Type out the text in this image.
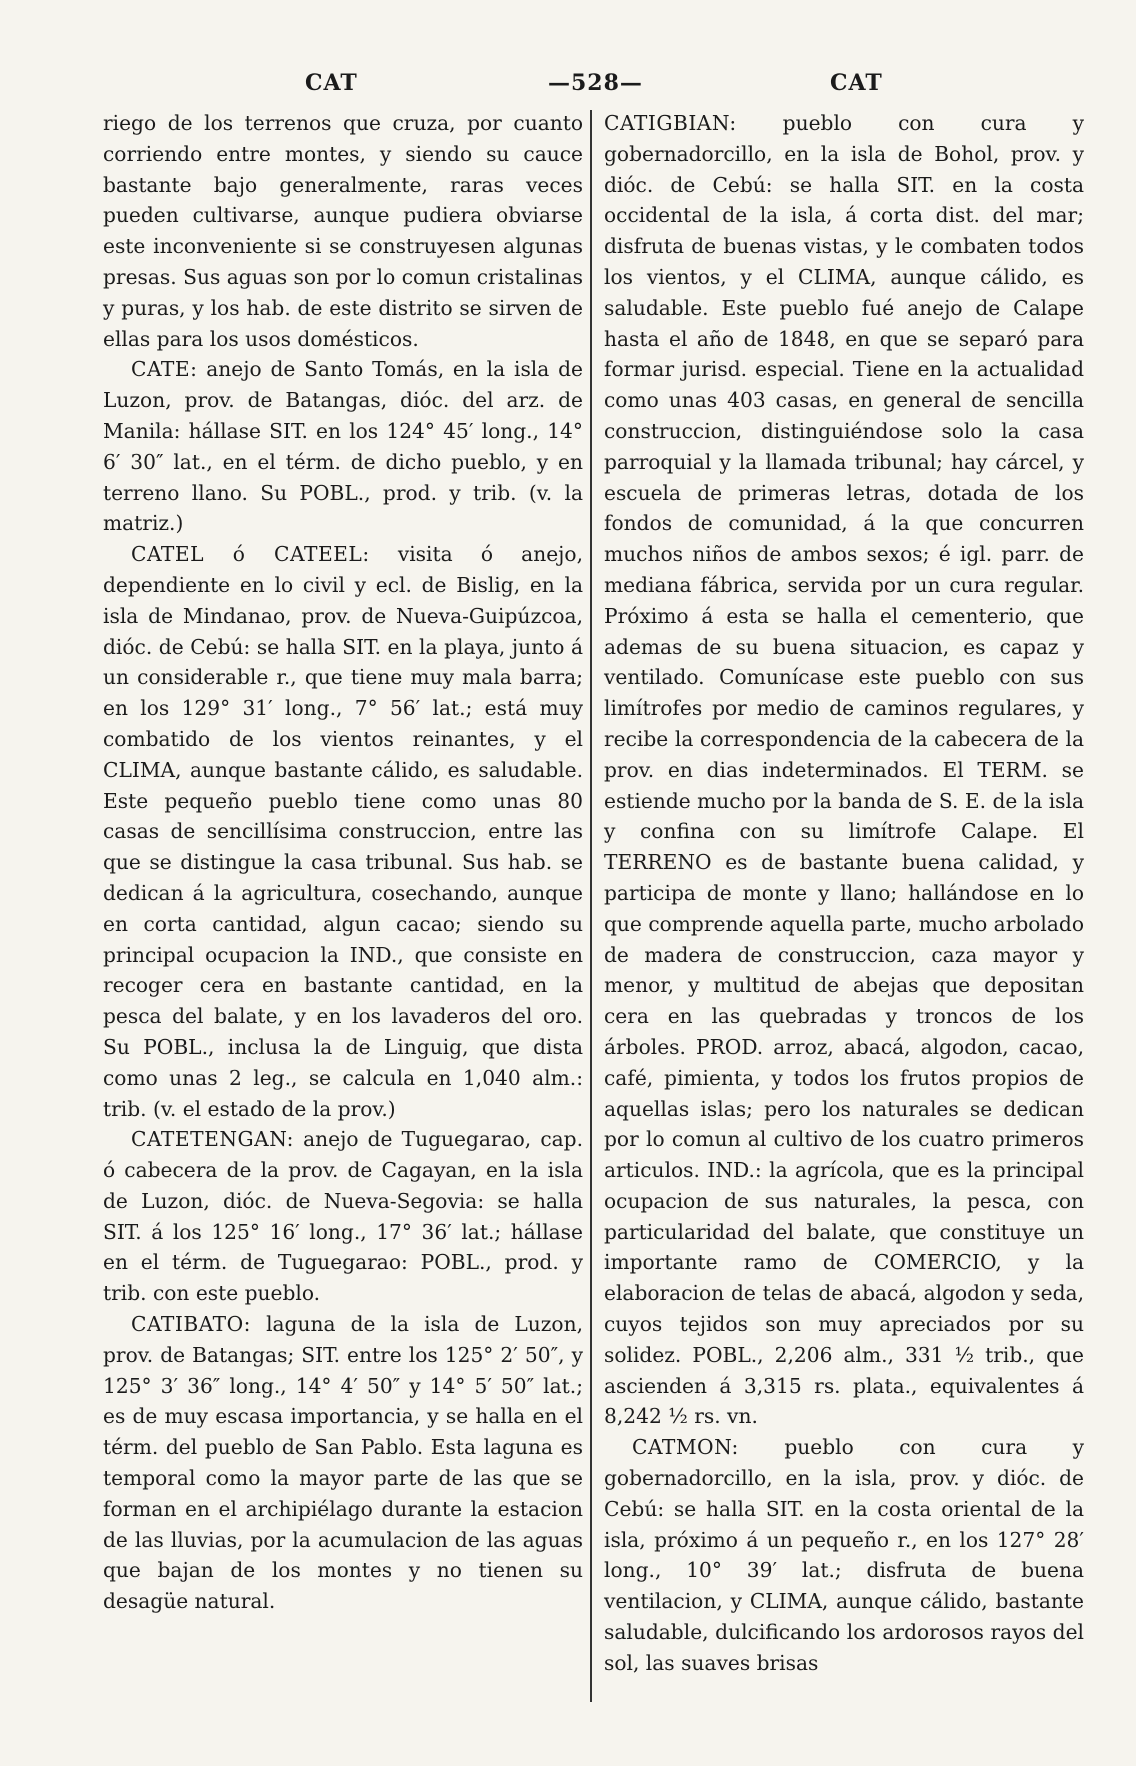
CAT	—528—	CAT

riego de los terrenos que cruza, por cuanto corriendo entre montes, y siendo su cauce bastante bajo generalmente, raras veces pueden cultivarse, aunque pudiera obviarse este inconveniente si se construyesen algunas presas. Sus aguas son por lo comun cristalinas y puras, y los hab. de este distrito se sirven de ellas para los usos domésticos.

CATE: anejo de Santo Tomás, en la isla de Luzon, prov. de Batangas, dióc. del arz. de Manila: hállase SIT. en los 124° 45′ long., 14° 6′ 30″ lat., en el térm. de dicho pueblo, y en terreno llano. Su POBL., prod. y trib. (v. la matriz.)

CATEL ó CATEEL: visita ó anejo, dependiente en lo civil y ecl. de Bislig, en la isla de Mindanao, prov. de Nueva-Guipúzcoa, dióc. de Cebú: se halla SIT. en la playa, junto á un considerable r., que tiene muy mala barra; en los 129° 31′ long., 7° 56′ lat.; está muy combatido de los vientos reinantes, y el CLIMA, aunque bastante cálido, es saludable. Este pequeño pueblo tiene como unas 80 casas de sencillísima construccion, entre las que se distingue la casa tribunal. Sus hab. se dedican á la agricultura, cosechando, aunque en corta cantidad, algun cacao; siendo su principal ocupacion la IND., que consiste en recoger cera en bastante cantidad, en la pesca del balate, y en los lavaderos del oro. Su POBL., inclusa la de Linguig, que dista como unas 2 leg., se calcula en 1,040 alm.: trib. (v. el estado de la prov.)

CATETENGAN: anejo de Tuguegarao, cap. ó cabecera de la prov. de Cagayan, en la isla de Luzon, dióc. de Nueva-Segovia: se halla SIT. á los 125° 16′ long., 17° 36′ lat.; hállase en el térm. de Tuguegarao: POBL., prod. y trib. con este pueblo.

CATIBATO: laguna de la isla de Luzon, prov. de Batangas; SIT. entre los 125° 2′ 50″, y 125° 3′ 36″ long., 14° 4′ 50″ y 14° 5′ 50″ lat.; es de muy escasa importancia, y se halla en el térm. del pueblo de San Pablo. Esta laguna es temporal como la mayor parte de las que se forman en el archipiélago durante la estacion de las lluvias, por la acumulacion de las aguas que bajan de los montes y no tienen su desagüe natural.

CATIGBIAN: pueblo con cura y gobernadorcillo, en la isla de Bohol, prov. y dióc. de Cebú: se halla SIT. en la costa occidental de la isla, á corta dist. del mar; disfruta de buenas vistas, y le combaten todos los vientos, y el CLIMA, aunque cálido, es saludable. Este pueblo fué anejo de Calape hasta el año de 1848, en que se separó para formar jurisd. especial. Tiene en la actualidad como unas 403 casas, en general de sencilla construccion, distinguiéndose solo la casa parroquial y la llamada tribunal; hay cárcel, y escuela de primeras letras, dotada de los fondos de comunidad, á la que concurren muchos niños de ambos sexos; é igl. parr. de mediana fábrica, servida por un cura regular. Próximo á esta se halla el cementerio, que ademas de su buena situacion, es capaz y ventilado. Comunícase este pueblo con sus limítrofes por medio de caminos regulares, y recibe la correspondencia de la cabecera de la prov. en dias indeterminados. El TERM. se estiende mucho por la banda de S. E. de la isla y confina con su limítrofe Calape. El TERRENO es de bastante buena calidad, y participa de monte y llano; hallándose en lo que comprende aquella parte, mucho arbolado de madera de construccion, caza mayor y menor, y multitud de abejas que depositan cera en las quebradas y troncos de los árboles. PROD. arroz, abacá, algodon, cacao, café, pimienta, y todos los frutos propios de aquellas islas; pero los naturales se dedican por lo comun al cultivo de los cuatro primeros articulos. IND.: la agrícola, que es la principal ocupacion de sus naturales, la pesca, con particularidad del balate, que constituye un importante ramo de COMERCIO, y la elaboracion de telas de abacá, algodon y seda, cuyos tejidos son muy apreciados por su solidez. POBL., 2,206 alm., 331 ½ trib., que ascienden á 3,315 rs. plata., equivalentes á 8,242 ½ rs. vn.

CATMON: pueblo con cura y gobernadorcillo, en la isla, prov. y dióc. de Cebú: se halla SIT. en la costa oriental de la isla, próximo á un pequeño r., en los 127° 28′ long., 10° 39′ lat.; disfruta de buena ventilacion, y CLIMA, aunque cálido, bastante saludable, dulcificando los ardorosos rayos del sol, las suaves brisas
